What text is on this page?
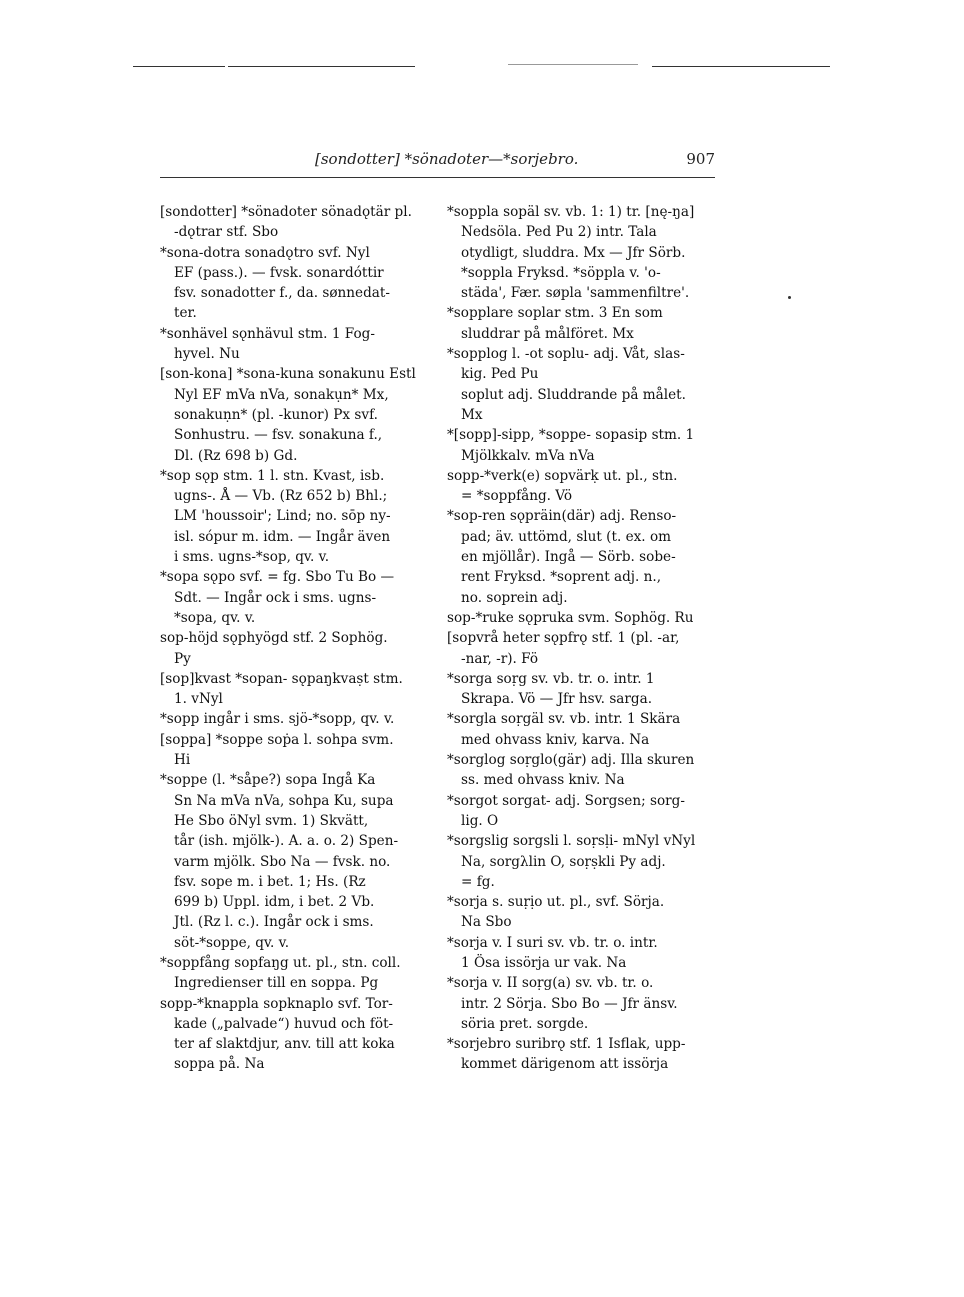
[sondotter] *sönadoter—*sorjebro.	907
[sondotter] *sönadoter sönadǫtär pl.
-dǫtrar stf. Sbo
*sona-dotra sonadǫtro svf. Nyl
EF (pass.). — fvsk. sonardóttir
fsv. sonadotter f., da. sønnedat-
ter.
*sonhävel sǫnhävul stm. 1 Fog-
hyvel. Nu
[son-kona] *sona-kuna sonakunu Estl
Nyl EF mVa nVa, sonakụn* Mx,
sonakuṇn* (pl. -kunor) Px svf.
Sonhustru. — fsv. sonakuna f.,
Dl. (Rz 698 b) Gd.
*sop sǫp stm. 1 l. stn. Kvast, isb.
ugns-. Å — Vb. (Rz 652 b) Bhl.;
LM 'houssoir'; Lind; no. sōp ny-
isl. sópur m. idm. — Ingår även
i sms. ugns-*sop, qv. v.
*sopa sǫpo svf. = fg. Sbo Tu Bo —
Sdt. — Ingår ock i sms. ugns-
*sopa, qv. v.
sop-höjd sǫphyögd stf. 2 Sophög.
Py
[sop]kvast *sopan- sǫpaŋkvaṣt stm.
1. vNyl
*sopp ingår i sms. sjö-*sopp, qv. v.
[soppa] *soppe soṗa l. sohpa svm.
Hi
*soppe (l. *såpe?) sopa Ingå Ka
Sn Na mVa nVa, sohpa Ku, supa
He Sbo öNyl svm. 1) Skvätt,
tår (ish. mjölk-). A. a. o. 2) Spen-
varm mjölk. Sbo Na — fvsk. no.
fsv. sope m. i bet. 1; Hs. (Rz
699 b) Uppl. idm, i bet. 2 Vb.
Jtl. (Rz l. c.). Ingår ock i sms.
söt-*soppe, qv. v.
*soppfång sopfaŋg ut. pl., stn. coll.
Ingredienser till en soppa. Pg
sopp-*knappla sopknaplo svf. Tor-
kade („palvade“) huvud och föt-
ter af slaktdjur, anv. till att koka
soppa på. Na
*soppla sopäl sv. vb. 1: 1) tr. [nę-ŋa]
Nedsöla. Ped Pu 2) intr. Tala
otydligt, sluddra. Mx — Jfr Sörb.
*soppla Fryksd. *söppla v. 'o-
städa', Fær. søpla 'sammenfiltre'.
*sopplare soplar stm. 3 En som
sluddrar på målföret. Mx
*sopplog l. -ot soplu- adj. Våt, slas-
kig. Ped Pu
soplut adj. Sluddrande på målet.
Mx
*[sopp]-sipp, *soppe- sopasip stm. 1
Mjölkkalv. mVa nVa
sopp-*verk(e) sopvärḳ ut. pl., stn.
= *soppfång. Vö
*sop-ren sǫpräin(där) adj. Renso-
pad; äv. uttömd, slut (t. ex. om
en mjöllår). Ingå — Sörb. sobe-
rent Fryksd. *soprent adj. n.,
no. soprein adj.
sop-*ruke sǫpruka svm. Sophög. Ru
[sopvrå heter sǫpfrǫ stf. 1 (pl. -ar,
-nar, -r). Fö
*sorga soṛg sv. vb. tr. o. intr. 1
Skrapa. Vö — Jfr hsv. sarga.
*sorgla soṛgäl sv. vb. intr. 1 Skära
med ohvass kniv, karva. Na
*sorglog soṛglo(gär) adj. Illa skuren
ss. med ohvass kniv. Na
*sorgot sorgat- adj. Sorgsen; sorg-
lig. O
*sorgslig sorgsli l. soṛsḷi- mNyl vNyl
Na, sorgλlin O, soṛṣkli Py adj.
= fg.
*sorja s. suṛịo ut. pl., svf. Sörja.
Na Sbo
*sorja v. I suri sv. vb. tr. o. intr.
1 Ösa issörja ur vak. Na
*sorja v. II soṛg(a) sv. vb. tr. o.
intr. 2 Sörja. Sbo Bo — Jfr änsv.
söria pret. sorgde.
*sorjebro suribrǫ stf. 1 Isflak, upp-
kommet därigenom att issörja
